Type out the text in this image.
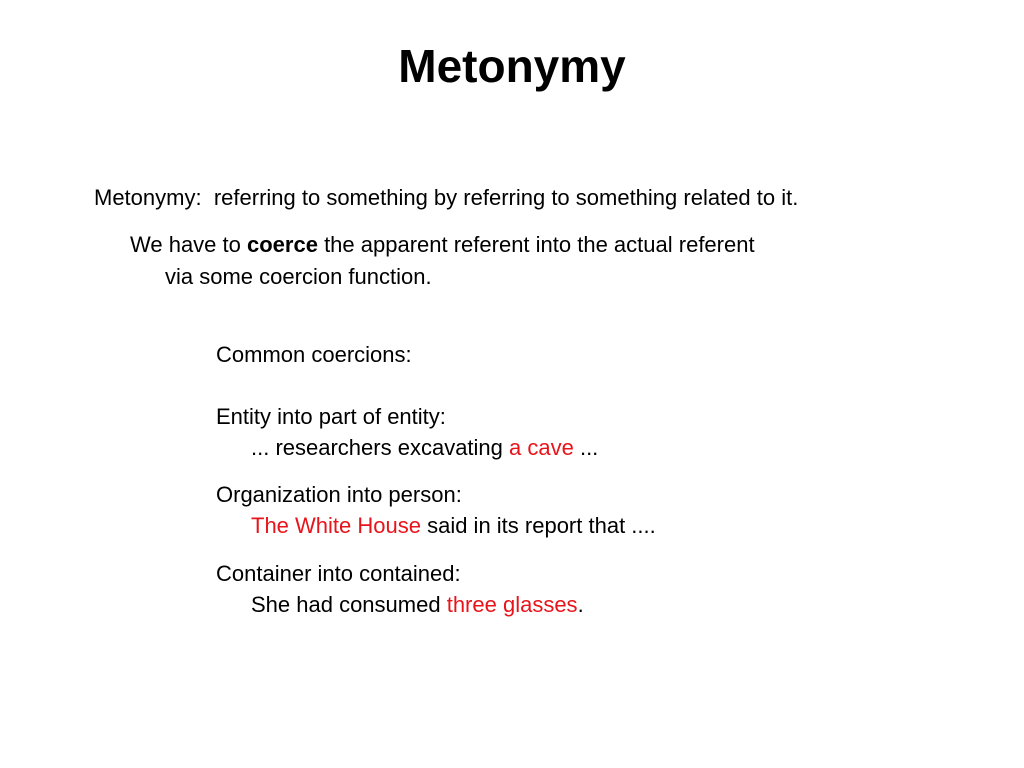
Metonymy

Metonymy: referring to something by referring to something related to it.

We have to coerce the apparent referent into the actual referent

via some coercion function.

Common coercions:

Entity into part of entity:

... researchers excavating a cave ...

Organization into person:

The White House said in its report that ....

Container into contained:

She had consumed three glasses.
